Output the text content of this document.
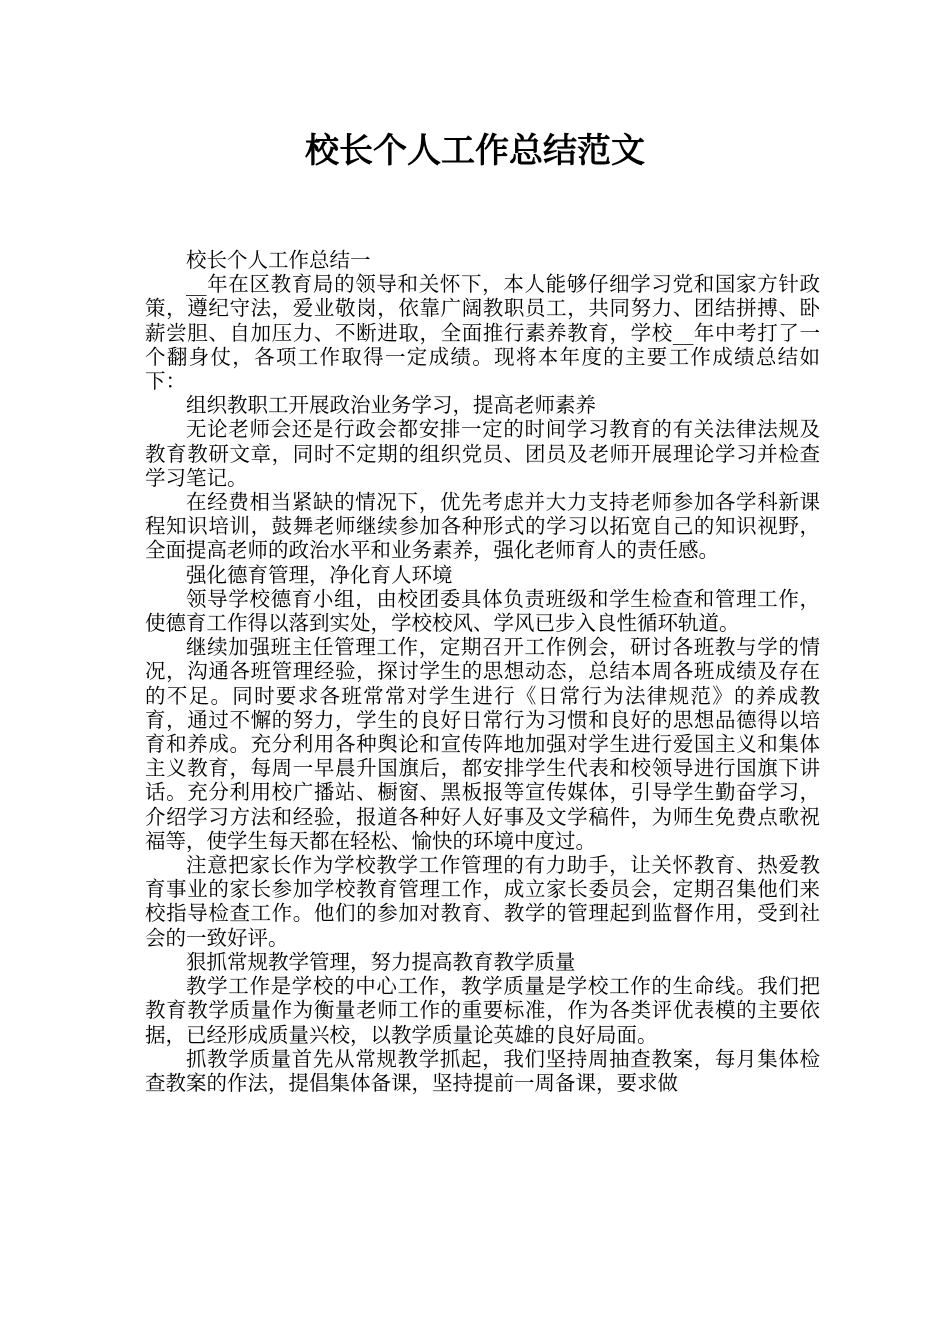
校长个人工作总结范文

校长个人工作总结一

__年在区教育局的领导和关怀下，本人能够仔细学习党和国家方针政策，遵纪守法，爱业敬岗，依靠广阔教职员工，共同努力、团结拼搏、卧薪尝胆、自加压力、不断进取，全面推行素养教育，学校__年中考打了一个翻身仗，各项工作取得一定成绩。现将本年度的主要工作成绩总结如下：

组织教职工开展政治业务学习，提高老师素养

无论老师会还是行政会都安排一定的时间学习教育的有关法律法规及教育教研文章，同时不定期的组织党员、团员及老师开展理论学习并检查学习笔记。

在经费相当紧缺的情况下，优先考虑并大力支持老师参加各学科新课程知识培训，鼓舞老师继续参加各种形式的学习以拓宽自己的知识视野，全面提高老师的政治水平和业务素养，强化老师育人的责任感。

强化德育管理，净化育人环境

领导学校德育小组，由校团委具体负责班级和学生检查和管理工作，使德育工作得以落到实处，学校校风、学风已步入良性循环轨道。

继续加强班主任管理工作，定期召开工作例会，研讨各班教与学的情况，沟通各班管理经验，探讨学生的思想动态，总结本周各班成绩及存在的不足。同时要求各班常常对学生进行《日常行为法律规范》的养成教育，通过不懈的努力，学生的良好日常行为习惯和良好的思想品德得以培育和养成。充分利用各种舆论和宣传阵地加强对学生进行爱国主义和集体主义教育，每周一早晨升国旗后，都安排学生代表和校领导进行国旗下讲话。充分利用校广播站、橱窗、黑板报等宣传媒体，引导学生勤奋学习，介绍学习方法和经验，报道各种好人好事及文学稿件，为师生免费点歌祝福等，使学生每天都在轻松、愉快的环境中度过。

注意把家长作为学校教学工作管理的有力助手，让关怀教育、热爱教育事业的家长参加学校教育管理工作，成立家长委员会，定期召集他们来校指导检查工作。他们的参加对教育、教学的管理起到监督作用，受到社会的一致好评。

狠抓常规教学管理，努力提高教育教学质量

教学工作是学校的中心工作，教学质量是学校工作的生命线。我们把教育教学质量作为衡量老师工作的重要标准，作为各类评优表模的主要依据，已经形成质量兴校，以教学质量论英雄的良好局面。

抓教学质量首先从常规教学抓起，我们坚持周抽查教案，每月集体检查教案的作法，提倡集体备课，坚持提前一周备课，要求做
